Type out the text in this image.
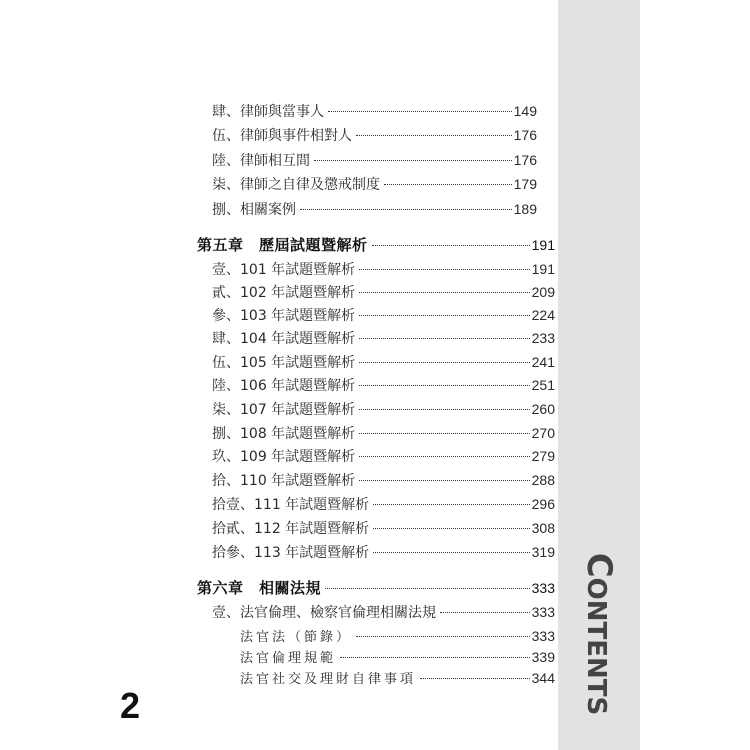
CONTENTS
肆、律師與當事人	149
伍、律師與事件相對人	176
陸、律師相互間	176
柒、律師之自律及懲戒制度	179
捌、相關案例	189
第五章　歷屆試題暨解析	191
壹、101 年試題暨解析	191
貳、102 年試題暨解析	209
參、103 年試題暨解析	224
肆、104 年試題暨解析	233
伍、105 年試題暨解析	241
陸、106 年試題暨解析	251
柒、107 年試題暨解析	260
捌、108 年試題暨解析	270
玖、109 年試題暨解析	279
拾、110 年試題暨解析	288
拾壹、111 年試題暨解析	296
拾貳、112 年試題暨解析	308
拾參、113 年試題暨解析	319
第六章　相關法規	333
壹、法官倫理、檢察官倫理相關法規	333
法官法（節錄）	333
法官倫理規範	339
法官社交及理財自律事項	344
2
